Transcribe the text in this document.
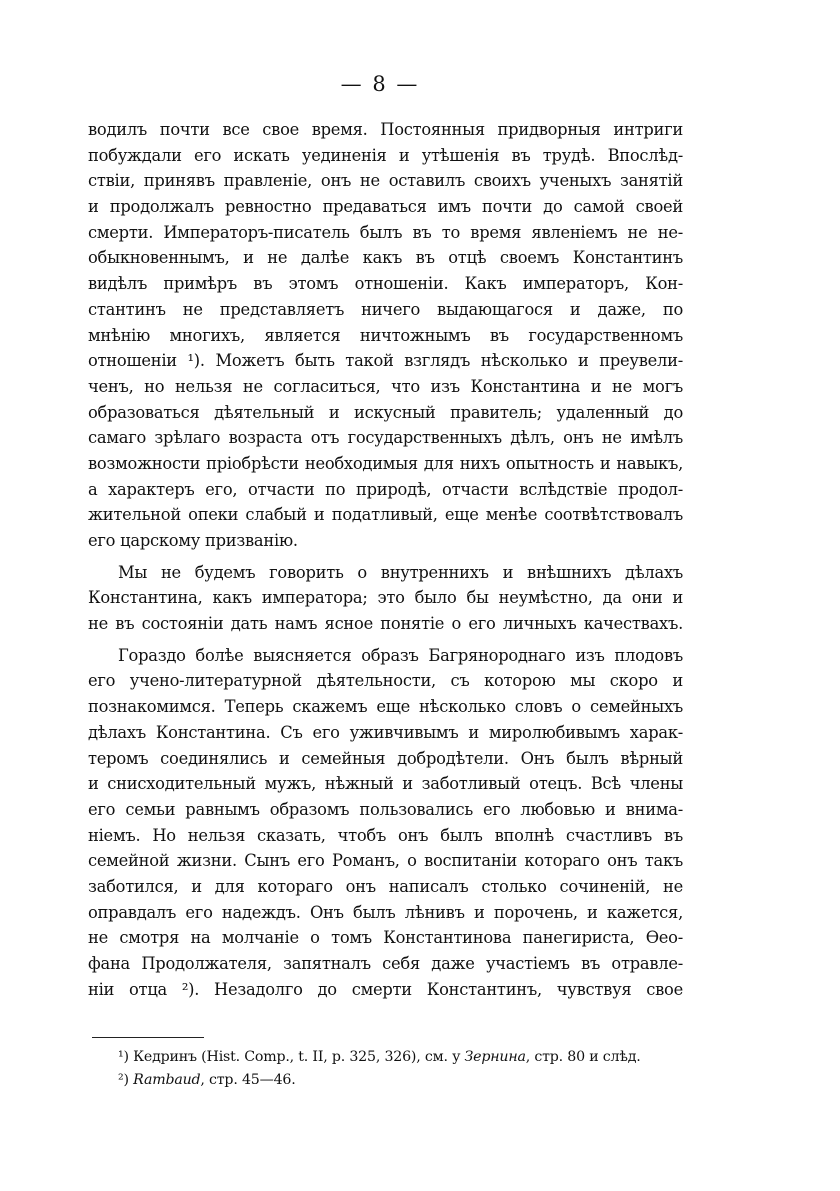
— 8 —
водилъ почти все свое время. Постоянныя придворныя интриги
побуждали его искать уединенія и утѣшенія въ трудѣ. Впослѣд-
ствіи, принявъ правленіе, онъ не оставилъ своихъ ученыхъ занятій
и продолжалъ ревностно предаваться имъ почти до самой своей
смерти. Императоръ-писатель былъ въ то время явленіемъ не не-
обыкновеннымъ, и не далѣе какъ въ отцѣ своемъ Константинъ
видѣлъ примѣръ въ этомъ отношеніи. Какъ императоръ, Кон-
стантинъ не представляетъ ничего выдающагося и даже, по
мнѣнію многихъ, является ничтожнымъ въ государственномъ
отношеніи ¹). Можетъ быть такой взглядъ нѣсколько и преувели-
ченъ, но нельзя не согласиться, что изъ Константина и не могъ
образоваться дѣятельный и искусный правитель; удаленный до
самаго зрѣлаго возраста отъ государственныхъ дѣлъ, онъ не имѣлъ
возможности пріобрѣсти необходимыя для нихъ опытность и навыкъ,
а характеръ его, отчасти по природѣ, отчасти вслѣдствіе продол-
жительной опеки слабый и податливый, еще менѣе соотвѣтствовалъ
его царскому призванію.
Мы не будемъ говорить о внутреннихъ и внѣшнихъ дѣлахъ
Константина, какъ императора; это было бы неумѣстно, да они и
не въ состояніи дать намъ ясное понятіе о его личныхъ качествахъ.
Гораздо болѣе выясняется образъ Багрянороднаго изъ плодовъ
его учено-литературной дѣятельности, съ которою мы скоро и
познакомимся. Теперь скажемъ еще нѣсколько словъ о семейныхъ
дѣлахъ Константина. Съ его уживчивымъ и миролюбивымъ харак-
теромъ соединялись и семейныя добродѣтели. Онъ былъ вѣрный
и снисходительный мужъ, нѣжный и заботливый отецъ. Всѣ члены
его семьи равнымъ образомъ пользовались его любовью и внима-
ніемъ. Но нельзя сказать, чтобъ онъ былъ вполнѣ счастливъ въ
семейной жизни. Сынъ его Романъ, о воспитаніи котораго онъ такъ
заботился, и для котораго онъ написалъ столько сочиненій, не
оправдалъ его надеждъ. Онъ былъ лѣнивъ и порочень, и кажется,
не смотря на молчаніе о томъ Константинова панегириста, Ѳео-
фана Продолжателя, запятналъ себя даже участіемъ въ отравле-
ніи отца ²). Незадолго до смерти Константинъ, чувствуя свое
¹) Кедринъ (Hist. Comp., t. II, p. 325, 326), см. у Зернина, стр. 80 и слѣд.
²) Rambaud, стр. 45—46.
